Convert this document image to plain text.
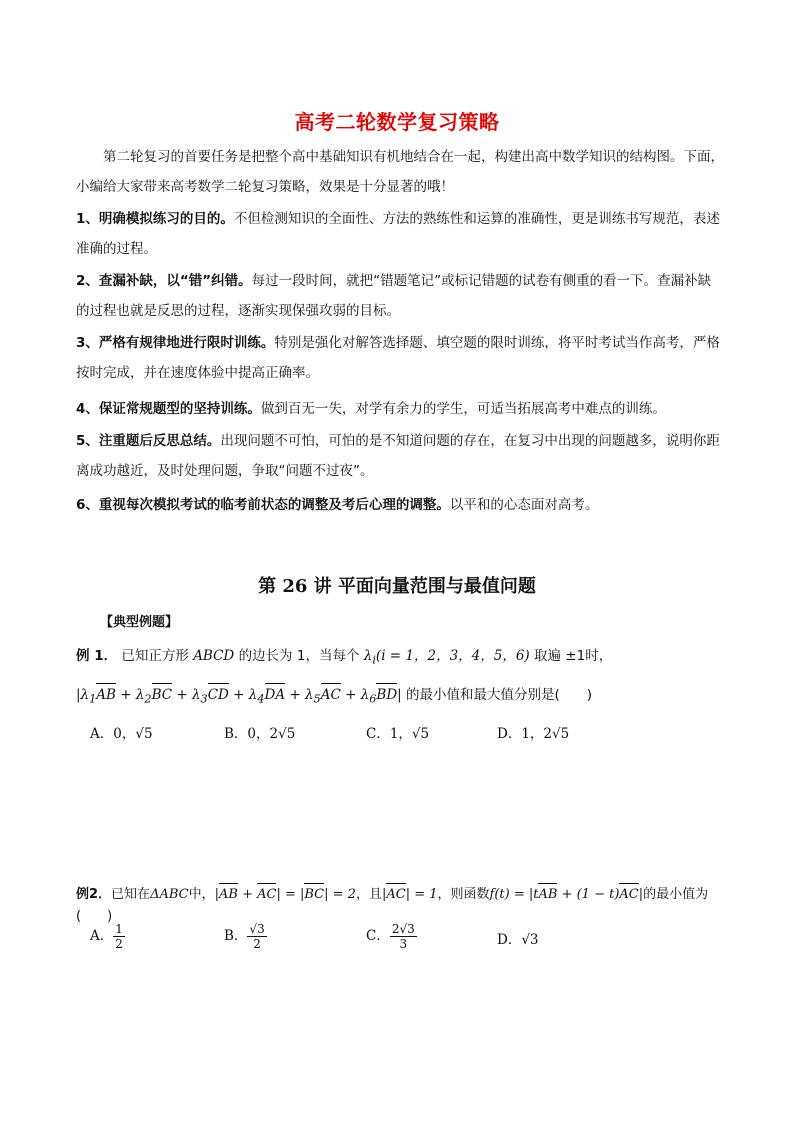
高考二轮数学复习策略

第二轮复习的首要任务是把整个高中基础知识有机地结合在一起，构建出高中数学知识的结构图。下面，小编给大家带来高考数学二轮复习策略，效果是十分显著的哦！

1、明确模拟练习的目的。不但检测知识的全面性、方法的熟练性和运算的准确性，更是训练书写规范，表述准确的过程。

2、查漏补缺，以“错”纠错。每过一段时间，就把“错题笔记”或标记错题的试卷有侧重的看一下。查漏补缺的过程也就是反思的过程，逐渐实现保强攻弱的目标。

3、严格有规律地进行限时训练。特别是强化对解答选择题、填空题的限时训练，将平时考试当作高考，严格按时完成，并在速度体验中提高正确率。

4、保证常规题型的坚持训练。做到百无一失，对学有余力的学生，可适当拓展高考中难点的训练。

5、注重题后反思总结。出现问题不可怕，可怕的是不知道问题的存在，在复习中出现的问题越多，说明你距离成功越近，及时处理问题，争取“问题不过夜”。

6、重视每次模拟考试的临考前状态的调整及考后心理的调整。以平和的心态面对高考。

第 26 讲 平面向量范围与最值问题
【典型例题】
例 1． 已知正方形 ABCD 的边长为 1，当每个 $\lambda_i(i = 1$，2，3，4，5，6) 取遍 ±1时，
$|\lambda_1AB + \lambda_2BC + \lambda_3CD + \lambda_4DA + \lambda_5AC + \lambda_6BD|$ 的最小值和最大值分别是(　　)
A．0，√5	B．0，2√5	C．1，√5	D．1，2√5
例2．已知在ΔABC中，|AB + AC| = |BC| = 2，且|AC| = 1，则函数f(t) = |tAB + (1 − t)AC|的最小值为(　　)
A． $\frac{1}{2}$	B． $\frac{√3}{2}$	C． $\frac{2√3}{3}$	D．√3
